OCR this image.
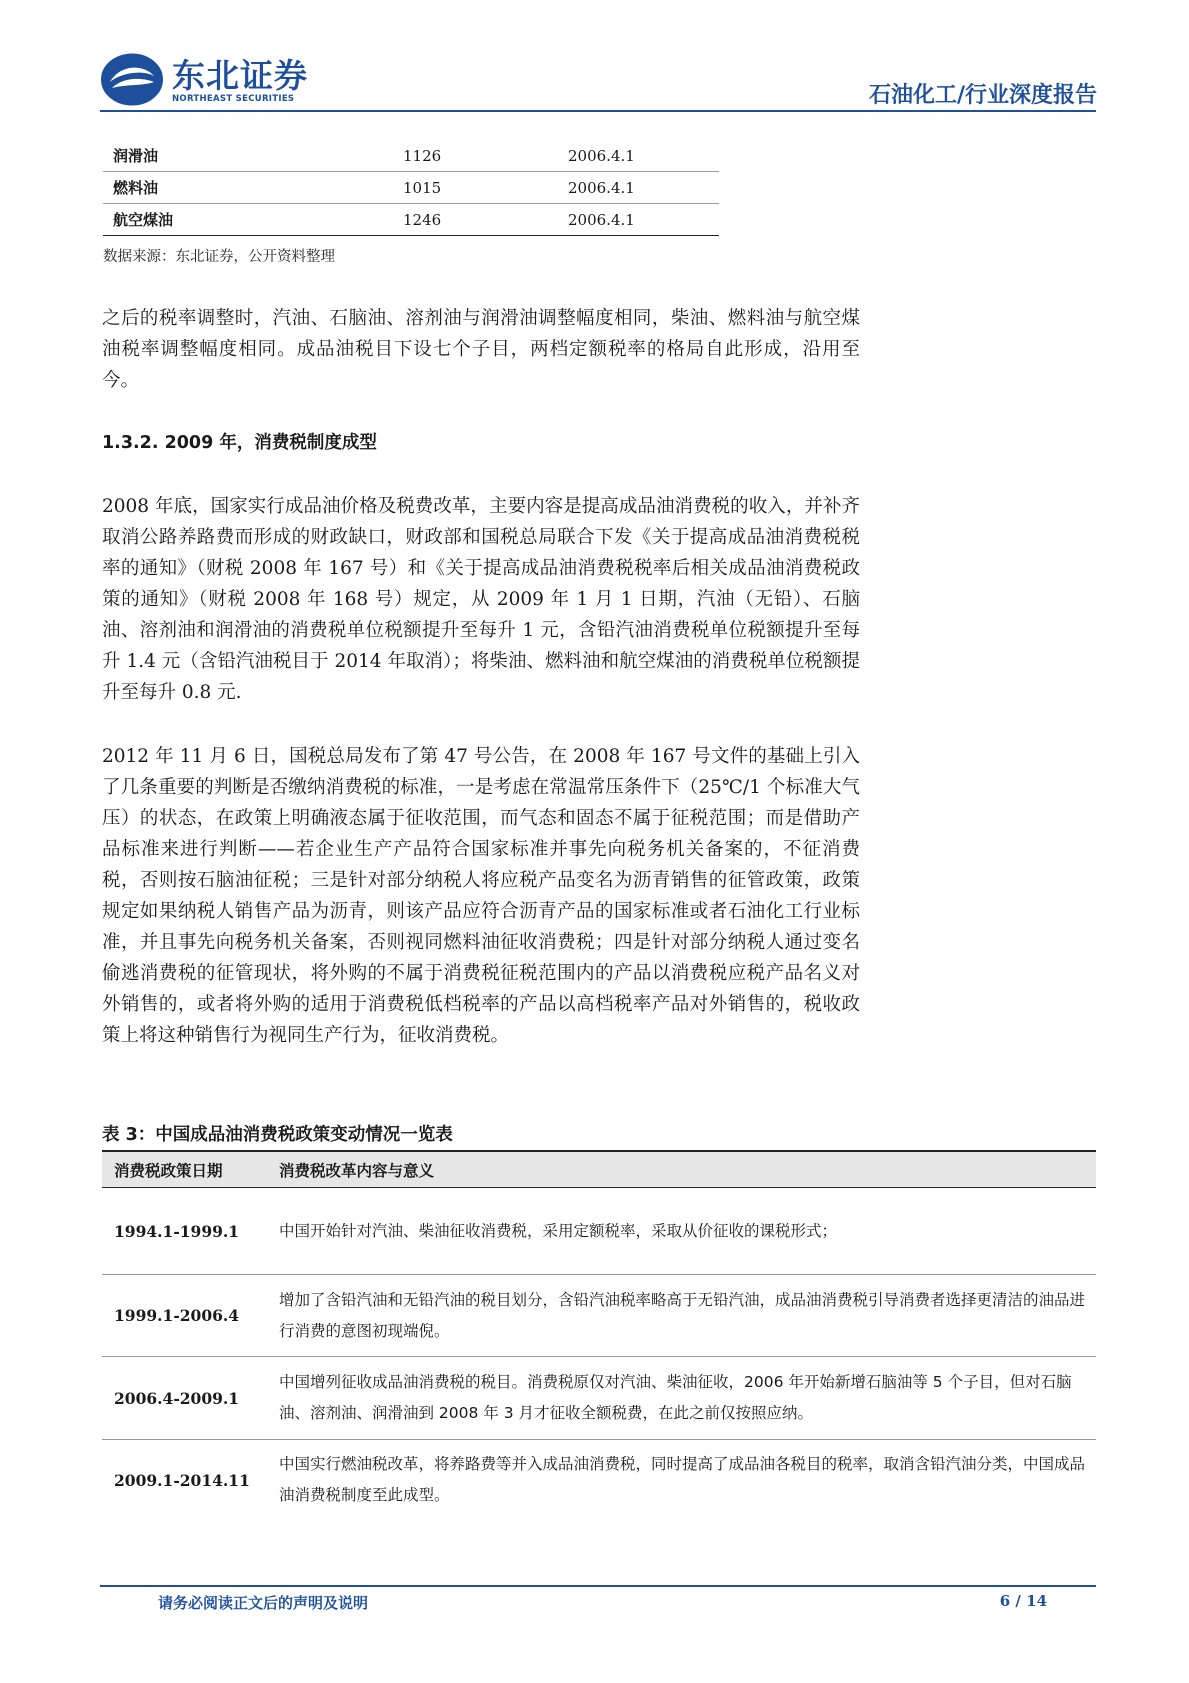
东北证券
NORTHEAST SECURITIES	石油化工/行业深度报告
润滑油	1126	2006.4.1
燃料油	1015	2006.4.1
航空煤油	1246	2006.4.1
数据来源：东北证券，公开资料整理
之后的税率调整时，汽油、石脑油、溶剂油与润滑油调整幅度相同，柴油、燃料油与航空煤油税率调整幅度相同。成品油税目下设七个子目，两档定额税率的格局自此形成，沿用至今。
1.3.2. 2009 年，消费税制度成型
2008 年底，国家实行成品油价格及税费改革，主要内容是提高成品油消费税的收入，并补齐取消公路养路费而形成的财政缺口，财政部和国税总局联合下发《关于提高成品油消费税税率的通知》（财税 2008 年 167 号）和《关于提高成品油消费税税率后相关成品油消费税政策的通知》（财税 2008 年 168 号）规定，从 2009 年 1 月 1 日期，汽油（无铅）、石脑油、溶剂油和润滑油的消费税单位税额提升至每升 1 元，含铅汽油消费税单位税额提升至每升 1.4 元（含铅汽油税目于 2014 年取消）；将柴油、燃料油和航空煤油的消费税单位税额提升至每升 0.8 元.
2012 年 11 月 6 日，国税总局发布了第 47 号公告，在 2008 年 167 号文件的基础上引入了几条重要的判断是否缴纳消费税的标准，一是考虑在常温常压条件下（25℃/1 个标准大气压）的状态，在政策上明确液态属于征收范围，而气态和固态不属于征税范围；而是借助产品标准来进行判断——若企业生产产品符合国家标准并事先向税务机关备案的，不征消费税，否则按石脑油征税；三是针对部分纳税人将应税产品变名为沥青销售的征管政策，政策规定如果纳税人销售产品为沥青，则该产品应符合沥青产品的国家标准或者石油化工行业标准，并且事先向税务机关备案，否则视同燃料油征收消费税；四是针对部分纳税人通过变名偷逃消费税的征管现状，将外购的不属于消费税征税范围内的产品以消费税应税产品名义对外销售的，或者将外购的适用于消费税低档税率的产品以高档税率产品对外销售的，税收政策上将这种销售行为视同生产行为，征收消费税。
表 3：中国成品油消费税政策变动情况一览表
消费税政策日期	消费税改革内容与意义
1994.1-1999.1	中国开始针对汽油、柴油征收消费税，采用定额税率，采取从价征收的课税形式；
1999.1-2006.4	增加了含铅汽油和无铅汽油的税目划分，含铅汽油税率略高于无铅汽油，成品油消费税引导消费者选择更清洁的油品进行消费的意图初现端倪。
2006.4-2009.1	中国增列征收成品油消费税的税目。消费税原仅对汽油、柴油征收，2006 年开始新增石脑油等 5 个子目，但对石脑油、溶剂油、润滑油到 2008 年 3 月才征收全额税费，在此之前仅按照应纳。
2009.1-2014.11	中国实行燃油税改革，将养路费等并入成品油消费税，同时提高了成品油各税目的税率，取消含铅汽油分类，中国成品油消费税制度至此成型。
请务必阅读正文后的声明及说明	6 / 14
